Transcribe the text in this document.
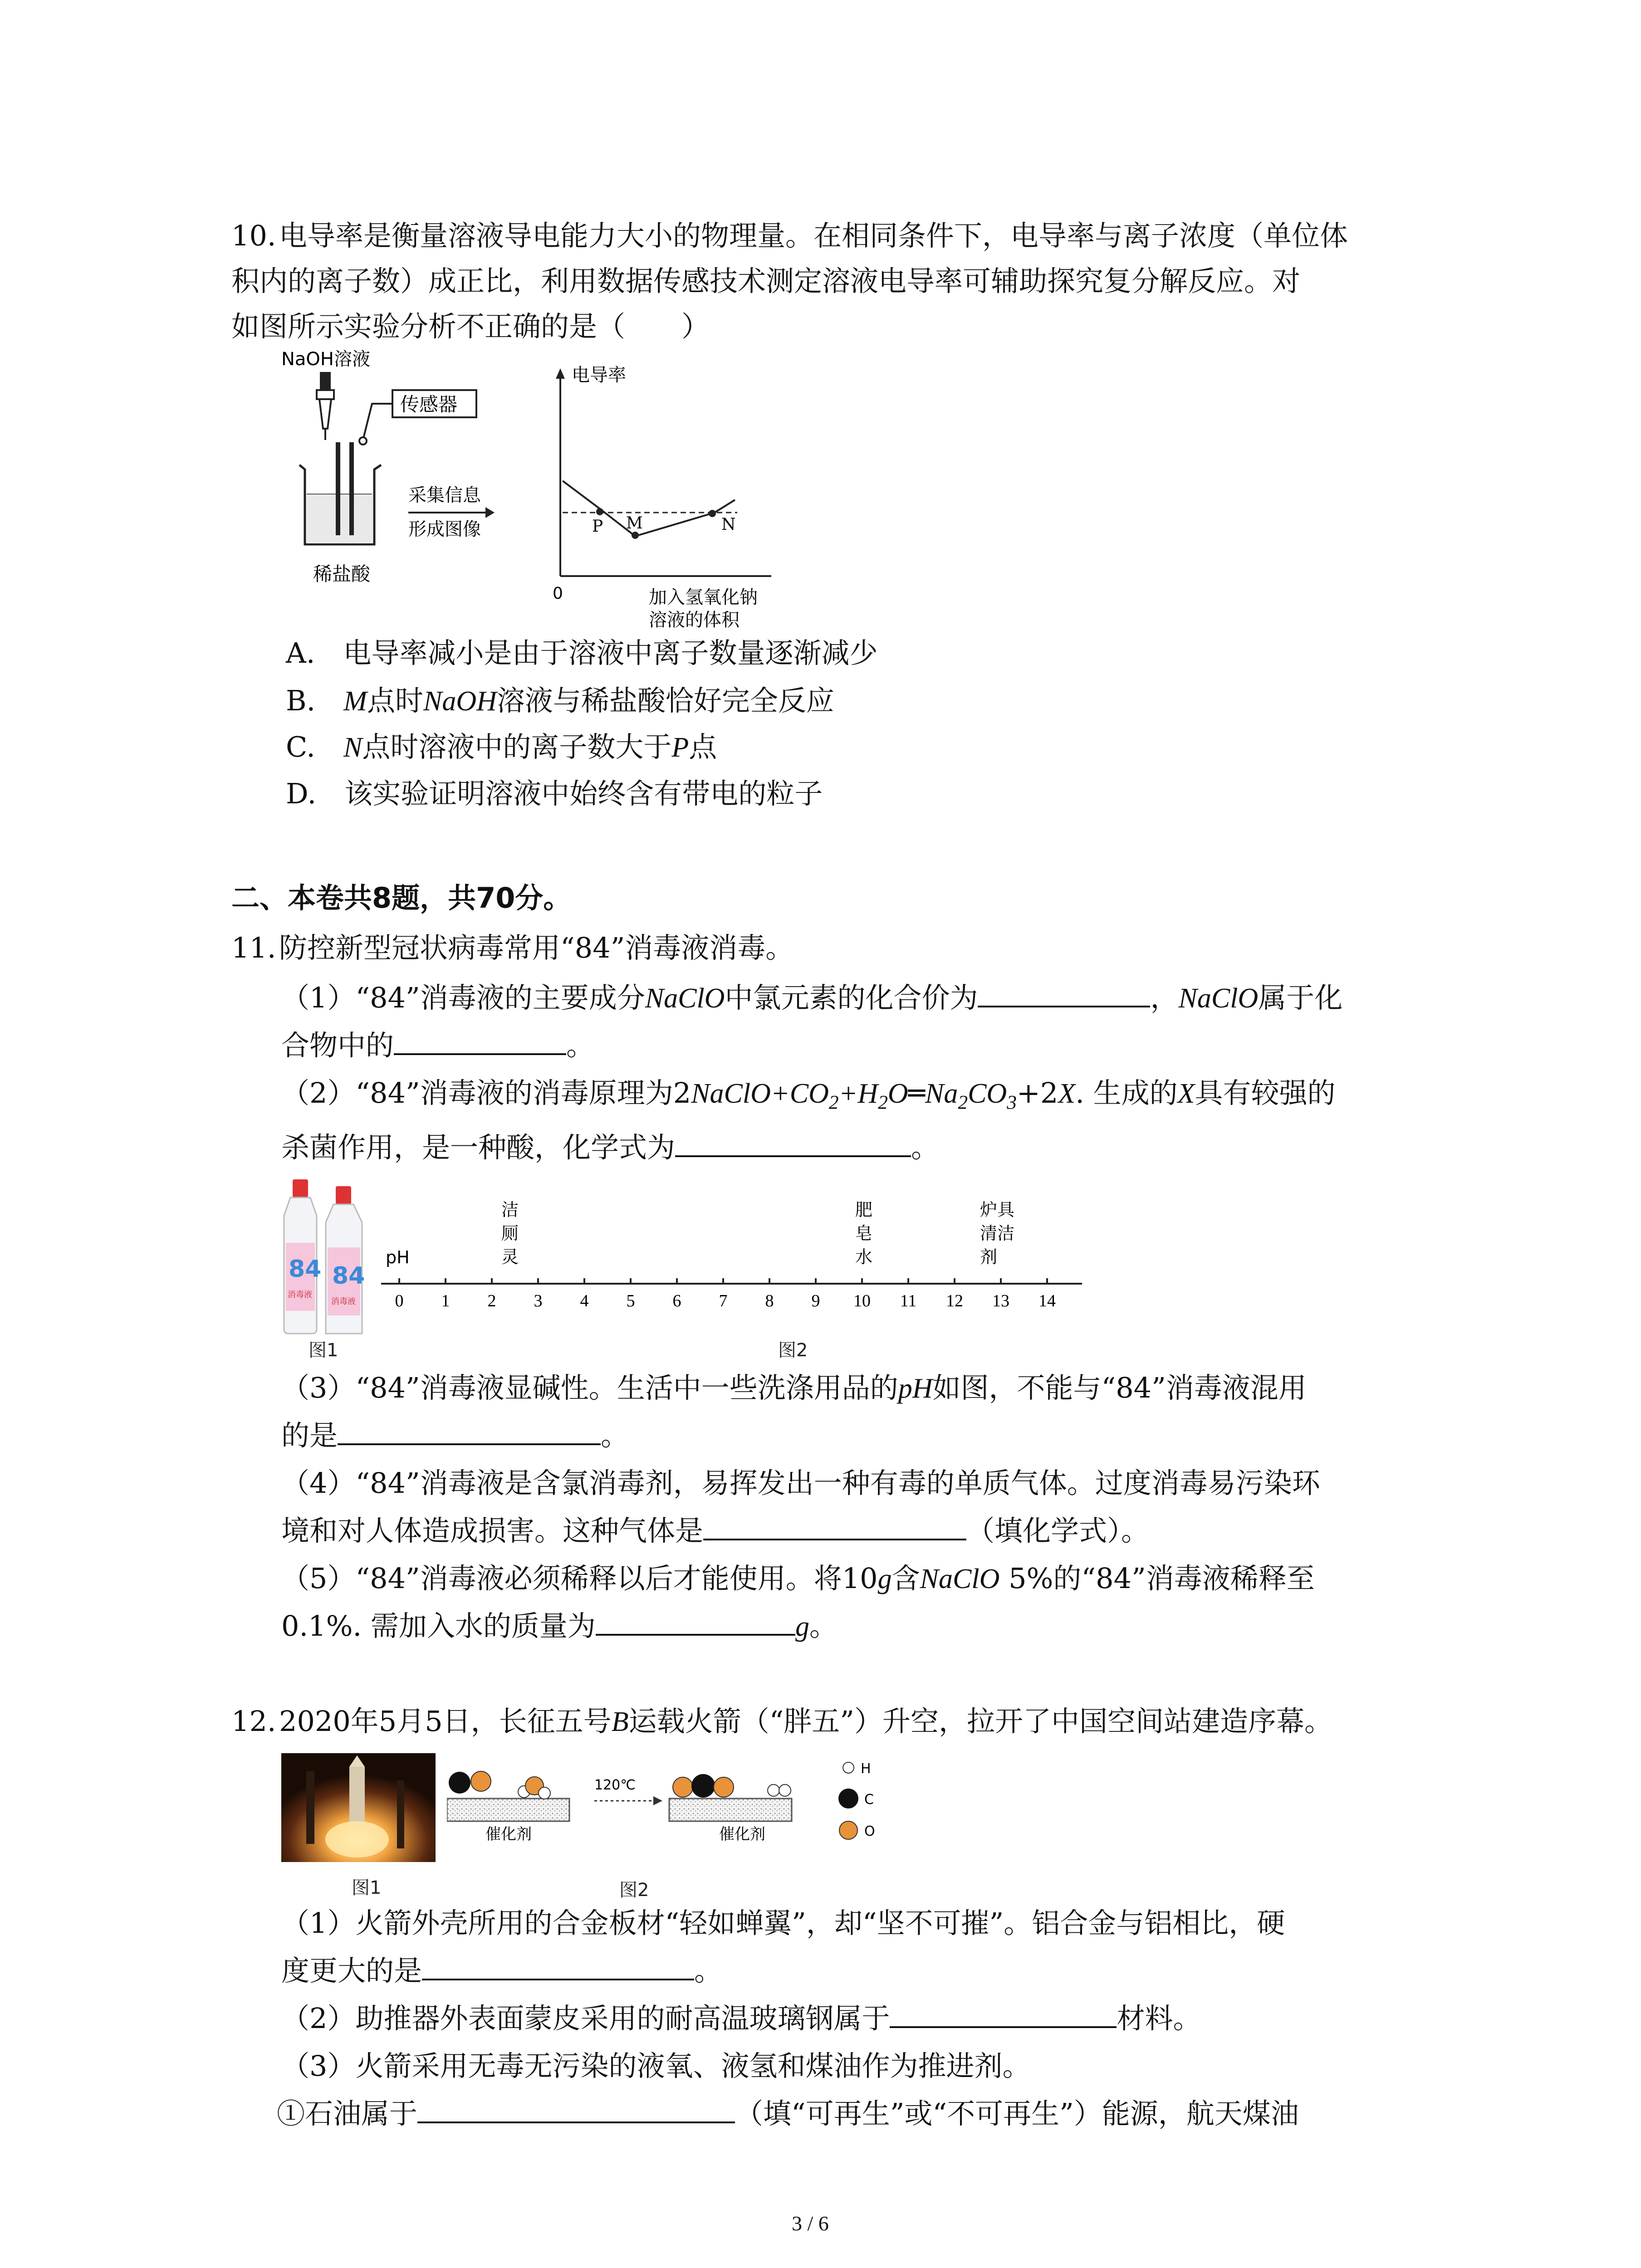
10. 电导率是衡量溶液导电能力大小的物理量。在相同条件下，电导率与离子浓度（单位体
积内的离子数）成正比，利用数据传感技术测定溶液电导率可辅助探究复分解反应。对
如图所示实验分析不正确的是（　　）
NaOH溶液
传感器
稀盐酸
采集信息
形成图像
电导率
0
P M	N
加入氢氧化钠
溶液的体积
A.　 电导率减小是由于溶液中离子数量逐渐减少
B.　 M点时NaOH溶液与稀盐酸恰好完全反应
C.　 N点时溶液中的离子数大于P点
D.　 该实验证明溶液中始终含有带电的粒子
二、本卷共8题，共70分。
11. 防控新型冠状病毒常用“84”消毒液消毒。
（1）“84”消毒液的主要成分NaClO中氯元素的化合价为	，NaClO属于化
合物中的	。
（2）“84”消毒液的消毒原理为$2NaClO+CO_2+H_2O═Na_2CO_3+2X$. 生成的X具有较强的
杀菌作用，是一种酸，化学式为	。
84
消毒液
84
消毒液
图1
pH
0 1 2 3 4 5 6 7 8 9 10 11 12 13 14
洁
厕
灵
肥
皂
水
炉具
清洁
剂
图2
（3）“84”消毒液显碱性。生活中一些洗涤用品的pH如图，不能与“84”消毒液混用
的是	。
（4）“84”消毒液是含氯消毒剂，易挥发出一种有毒的单质气体。过度消毒易污染环
境和对人体造成损害。这种气体是	（填化学式）。
（5）“84”消毒液必须稀释以后才能使用。将10g含NaClO 5%的“84”消毒液稀释至
0.1%. 需加入水的质量为	g。
12. 2020年5月5日，长征五号B运载火箭（“胖五”）升空，拉开了中国空间站建造序幕。
图1
催化剂
120℃
催化剂
H
C
O
图2
（1）火箭外壳所用的合金板材“轻如蝉翼”，却“坚不可摧”。铝合金与铝相比，硬
度更大的是	。
（2）助推器外表面蒙皮采用的耐高温玻璃钢属于	材料。
（3）火箭采用无毒无污染的液氧、液氢和煤油作为推进剂。
①石油属于	（填“可再生”或“不可再生”）能源，航天煤油
3 / 6
